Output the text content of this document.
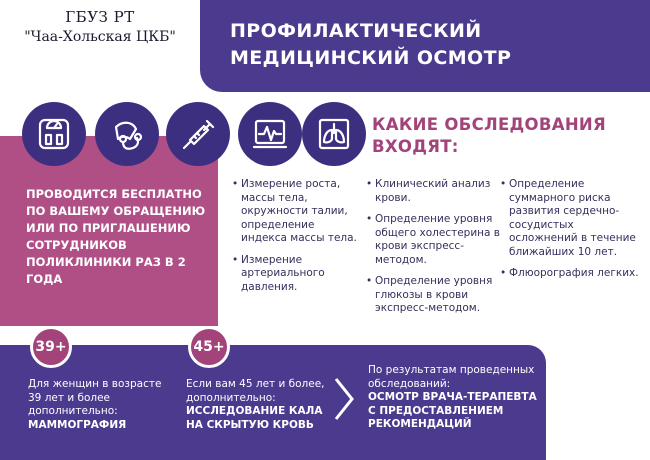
ГБУЗ РТ
"Чаа-Хольская ЦКБ"	ПРОФИЛАКТИЧЕСКИЙ
МЕДИЦИНСКИЙ ОСМОТР
ПРОВОДИТСЯ БЕСПЛАТНО ПО ВАШЕМУ ОБРАЩЕНИЮ ИЛИ ПО ПРИГЛАШЕНИЮ СОТРУДНИКОВ ПОЛИКЛИНИКИ РАЗ В 2 ГОДА
КАКИЕ ОБСЛЕДОВАНИЯ
ВХОДЯТ:
• Измерение роста, массы тела, окружности талии, определение индекса массы тела.
• Измерение артериального давления.
• Клинический анализ крови.
• Определение уровня общего холестерина в крови экспресс-методом.
• Определение уровня глюкозы в крови экспресс-методом.
• Определение суммарного риска развития сердечно-сосудистых осложнений в течение ближайших 10 лет.
• Флюорография легких.
39+	45+
Для женщин в возрасте 39 лет и более дополнительно:
МАММОГРАФИЯ
Если вам 45 лет и более, дополнительно:
ИССЛЕДОВАНИЕ КАЛА НА СКРЫТУЮ КРОВЬ
По результатам проведенных обследований:
ОСМОТР ВРАЧА-ТЕРАПЕВТА С ПРЕДОСТАВЛЕНИЕМ РЕКОМЕНДАЦИЙ
